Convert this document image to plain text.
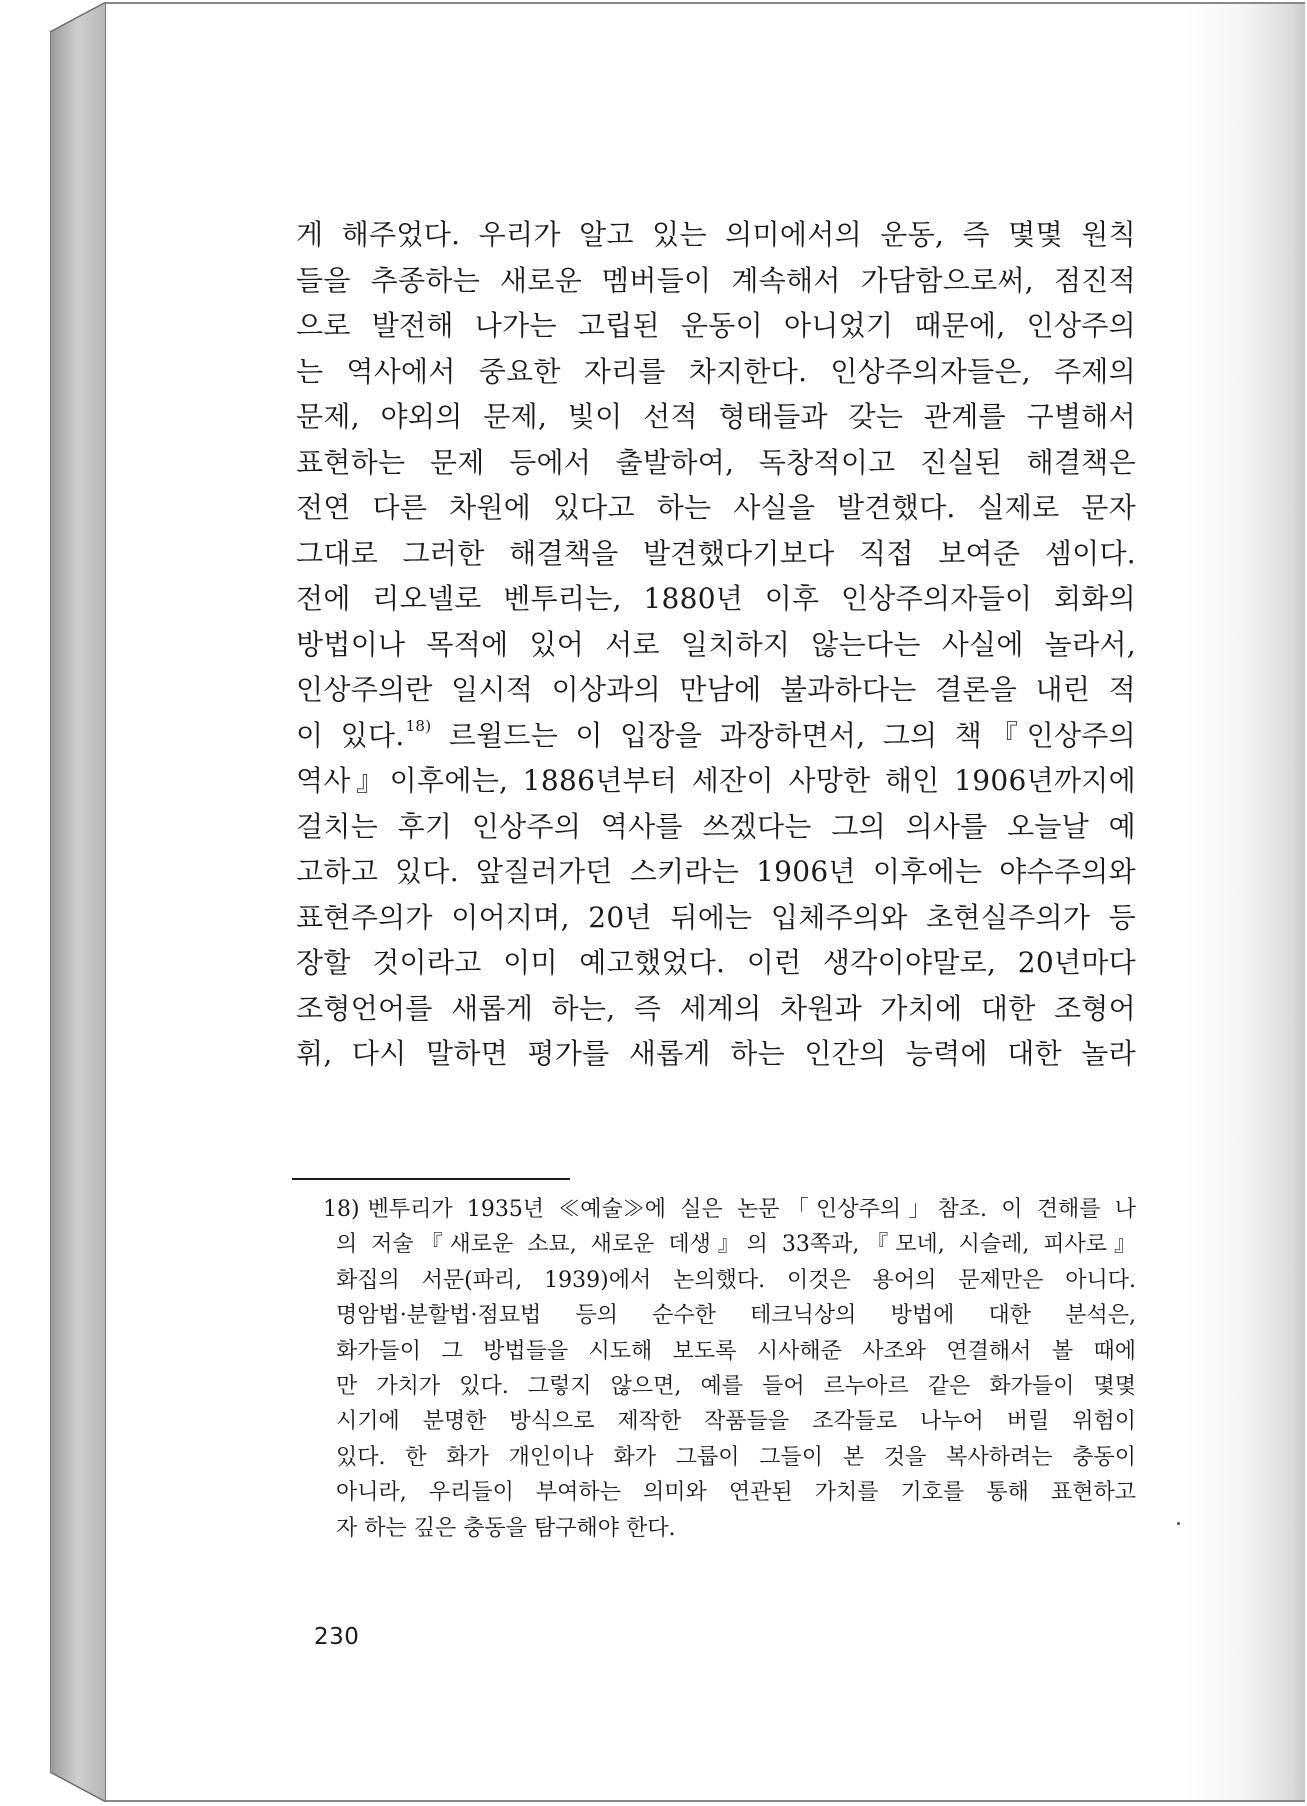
게 해주었다. 우리가 알고 있는 의미에서의 운동, 즉 몇몇 원칙
들을 추종하는 새로운 멤버들이 계속해서 가담함으로써, 점진적
으로 발전해 나가는 고립된 운동이 아니었기 때문에, 인상주의
는 역사에서 중요한 자리를 차지한다. 인상주의자들은, 주제의
문제, 야외의 문제, 빛이 선적 형태들과 갖는 관계를 구별해서
표현하는 문제 등에서 출발하여, 독창적이고 진실된 해결책은
전연 다른 차원에 있다고 하는 사실을 발견했다. 실제로 문자
그대로 그러한 해결책을 발견했다기보다 직접 보여준 셈이다.
전에 리오넬로 벤투리는, 1880년 이후 인상주의자들이 회화의
방법이나 목적에 있어 서로 일치하지 않는다는 사실에 놀라서,
인상주의란 일시적 이상과의 만남에 불과하다는 결론을 내린 적
이 있다.$^{18)}$ 르윌드는 이 입장을 과장하면서, 그의 책『인상주의
역사』이후에는, 1886년부터 세잔이 사망한 해인 1906년까지에
걸치는 후기 인상주의 역사를 쓰겠다는 그의 의사를 오늘날 예
고하고 있다. 앞질러가던 스키라는 1906년 이후에는 야수주의와
표현주의가 이어지며, 20년 뒤에는 입체주의와 초현실주의가 등
장할 것이라고 이미 예고했었다. 이런 생각이야말로, 20년마다
조형언어를 새롭게 하는, 즉 세계의 차원과 가치에 대한 조형어
휘, 다시 말하면 평가를 새롭게 하는 인간의 능력에 대한 놀라
18) 벤투리가 1935년 ≪예술≫에 실은 논문「인상주의」참조. 이 견해를 나
의 저술『새로운 소묘, 새로운 데생』의 33쪽과,『모네, 시슬레, 피사로』
화집의 서문(파리, 1939)에서 논의했다. 이것은 용어의 문제만은 아니다.
명암법·분할법·점묘법 등의 순수한 테크닉상의 방법에 대한 분석은,
화가들이 그 방법들을 시도해 보도록 시사해준 사조와 연결해서 볼 때에
만 가치가 있다. 그렇지 않으면, 예를 들어 르누아르 같은 화가들이 몇몇
시기에 분명한 방식으로 제작한 작품들을 조각들로 나누어 버릴 위험이
있다. 한 화가 개인이나 화가 그룹이 그들이 본 것을 복사하려는 충동이
아니라, 우리들이 부여하는 의미와 연관된 가치를 기호를 통해 표현하고
자 하는 깊은 충동을 탐구해야 한다.
230
